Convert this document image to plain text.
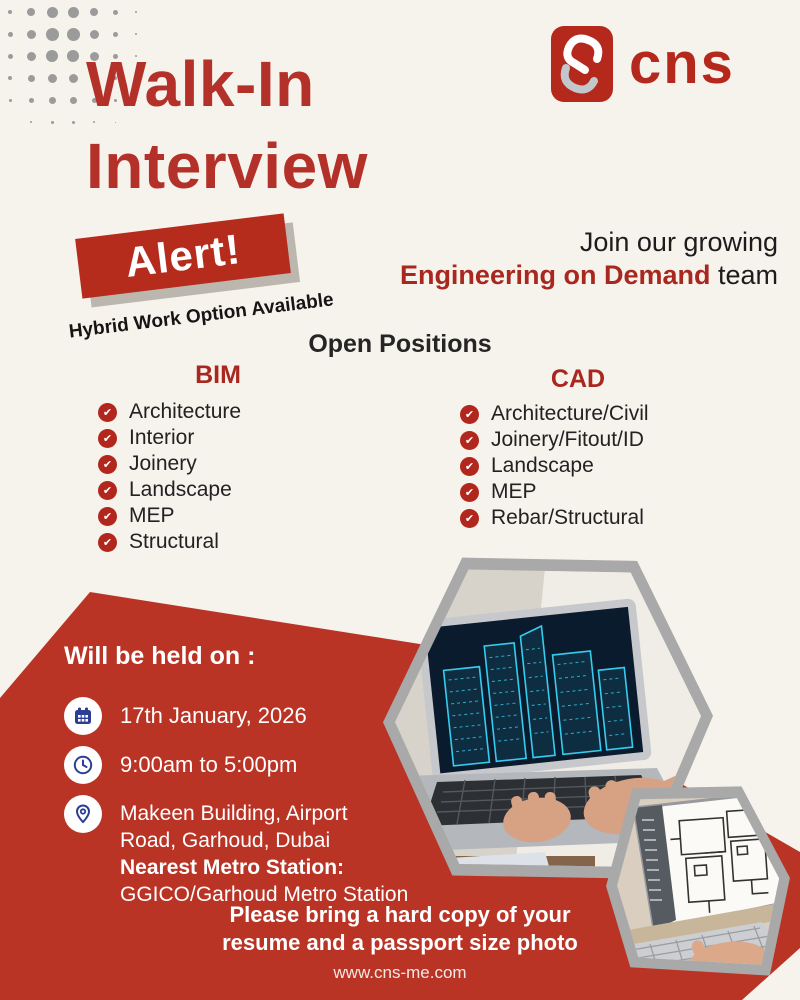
Walk-In
Interview
Alert!
Hybrid Work Option Available
cns
Join our growing
Engineering on Demand team
Open Positions
BIM	CAD
✔ Architecture
✔ Interior
✔ Joinery
✔ Landscape
✔ MEP
✔ Structural
✔ Architecture/Civil
✔ Joinery/Fitout/ID
✔ Landscape
✔ MEP
✔ Rebar/Structural
Will be held on :
17th January, 2026
9:00am to 5:00pm
Makeen Building, Airport
Road, Garhoud, Dubai
Nearest Metro Station:
GGICO/Garhoud Metro Station
Please bring a hard copy of your
resume and a passport size photo
www.cns-me.com
